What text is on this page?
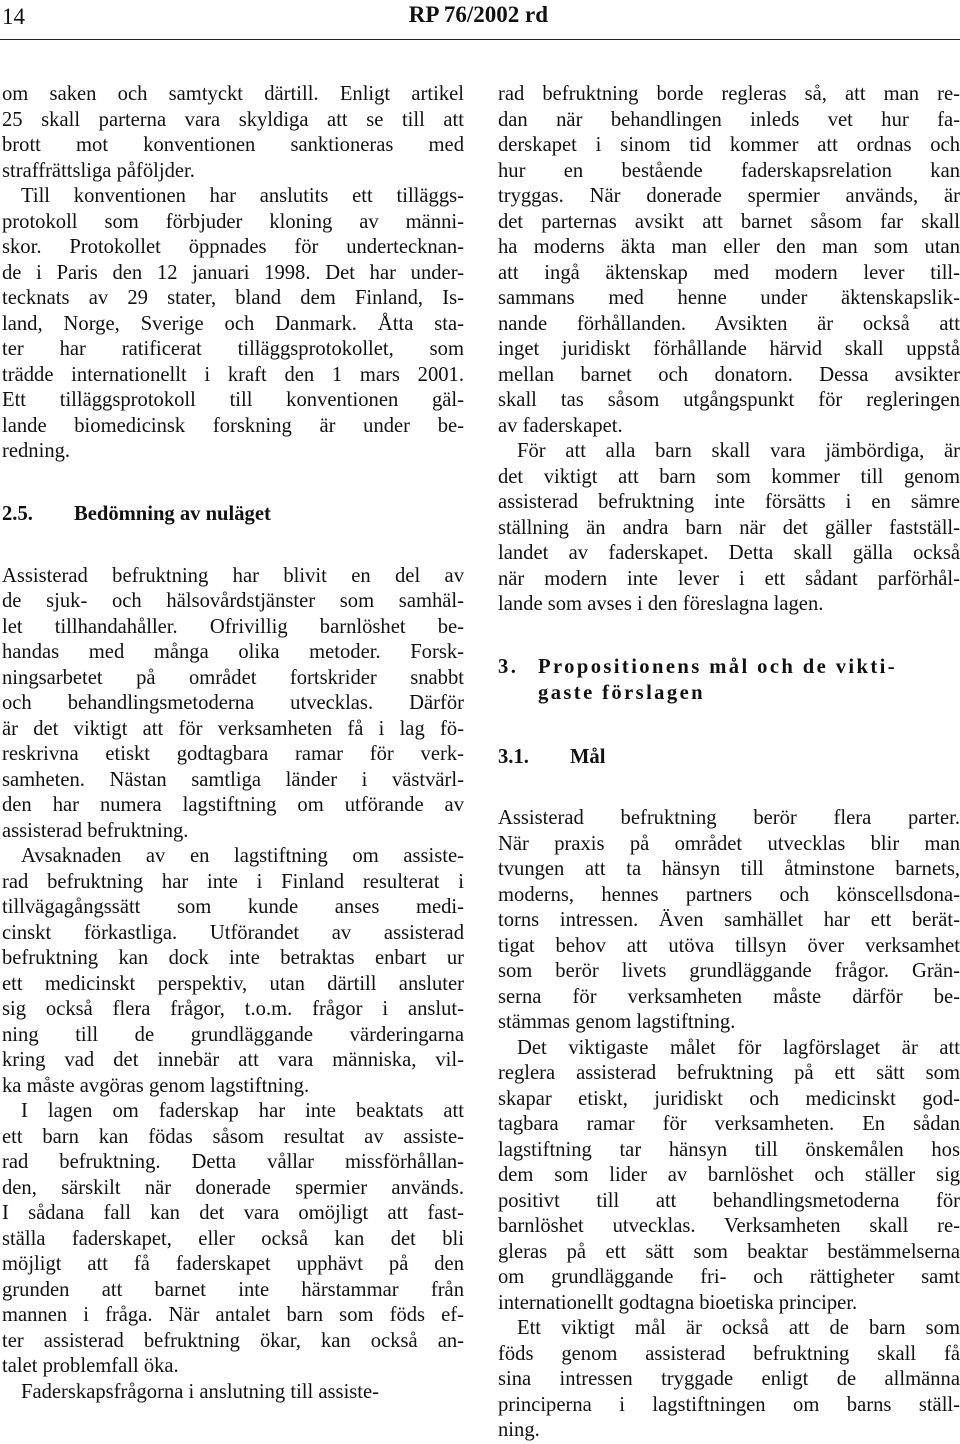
14	RP 76/2002 rd
om saken och samtyckt därtill. Enligt artikel
25 skall parterna vara skyldiga att se till att
brott mot konventionen sanktioneras med
straffrättsliga påföljder.
Till konventionen har anslutits ett tilläggs-
protokoll som förbjuder kloning av männi-
skor. Protokollet öppnades för undertecknan-
de i Paris den 12 januari 1998. Det har under-
tecknats av 29 stater, bland dem Finland, Is-
land, Norge, Sverige och Danmark. Åtta sta-
ter har ratificerat tilläggsprotokollet, som
trädde internationellt i kraft den 1 mars 2001.
Ett tilläggsprotokoll till konventionen gäl-
lande biomedicinsk forskning är under be-
redning.
2.5. Bedömning av nuläget
Assisterad befruktning har blivit en del av
de sjuk- och hälsovårdstjänster som samhäl-
let tillhandahåller. Ofrivillig barnlöshet be-
handas med många olika metoder. Forsk-
ningsarbetet på området fortskrider snabbt
och behandlingsmetoderna utvecklas. Därför
är det viktigt att för verksamheten få i lag fö-
reskrivna etiskt godtagbara ramar för verk-
samheten. Nästan samtliga länder i västvärl-
den har numera lagstiftning om utförande av
assisterad befruktning.
Avsaknaden av en lagstiftning om assiste-
rad befruktning har inte i Finland resulterat i
tillvägagångssätt som kunde anses medi-
cinskt förkastliga. Utförandet av assisterad
befruktning kan dock inte betraktas enbart ur
ett medicinskt perspektiv, utan därtill ansluter
sig också flera frågor, t.o.m. frågor i anslut-
ning till de grundläggande värderingarna
kring vad det innebär att vara människa, vil-
ka måste avgöras genom lagstiftning.
I lagen om faderskap har inte beaktats att
ett barn kan födas såsom resultat av assiste-
rad befruktning. Detta vållar missförhållan-
den, särskilt när donerade spermier används.
I sådana fall kan det vara omöjligt att fast-
ställa faderskapet, eller också kan det bli
möjligt att få faderskapet upphävt på den
grunden att barnet inte härstammar från
mannen i fråga. När antalet barn som föds ef-
ter assisterad befruktning ökar, kan också an-
talet problemfall öka.
Faderskapsfrågorna i anslutning till assiste-
rad befruktning borde regleras så, att man re-
dan när behandlingen inleds vet hur fa-
derskapet i sinom tid kommer att ordnas och
hur en bestående faderskapsrelation kan
tryggas. När donerade spermier används, är
det parternas avsikt att barnet såsom far skall
ha moderns äkta man eller den man som utan
att ingå äktenskap med modern lever till-
sammans med henne under äktenskapslik-
nande förhållanden. Avsikten är också att
inget juridiskt förhållande härvid skall uppstå
mellan barnet och donatorn. Dessa avsikter
skall tas såsom utgångspunkt för regleringen
av faderskapet.
För att alla barn skall vara jämbördiga, är
det viktigt att barn som kommer till genom
assisterad befruktning inte försätts i en sämre
ställning än andra barn när det gäller fastställ-
landet av faderskapet. Detta skall gälla också
när modern inte lever i ett sådant parförhål-
lande som avses i den föreslagna lagen.
3. Propositionens mål och de vikti-
gaste förslagen
3.1. Mål
Assisterad befruktning berör flera parter.
När praxis på området utvecklas blir man
tvungen att ta hänsyn till åtminstone barnets,
moderns, hennes partners och könscellsdona-
torns intressen. Även samhället har ett berät-
tigat behov att utöva tillsyn över verksamhet
som berör livets grundläggande frågor. Grän-
serna för verksamheten måste därför be-
stämmas genom lagstiftning.
Det viktigaste målet för lagförslaget är att
reglera assisterad befruktning på ett sätt som
skapar etiskt, juridiskt och medicinskt god-
tagbara ramar för verksamheten. En sådan
lagstiftning tar hänsyn till önskemålen hos
dem som lider av barnlöshet och ställer sig
positivt till att behandlingsmetoderna för
barnlöshet utvecklas. Verksamheten skall re-
gleras på ett sätt som beaktar bestämmelserna
om grundläggande fri- och rättigheter samt
internationellt godtagna bioetiska principer.
Ett viktigt mål är också att de barn som
föds genom assisterad befruktning skall få
sina intressen tryggade enligt de allmänna
principerna i lagstiftningen om barns ställ-
ning.
